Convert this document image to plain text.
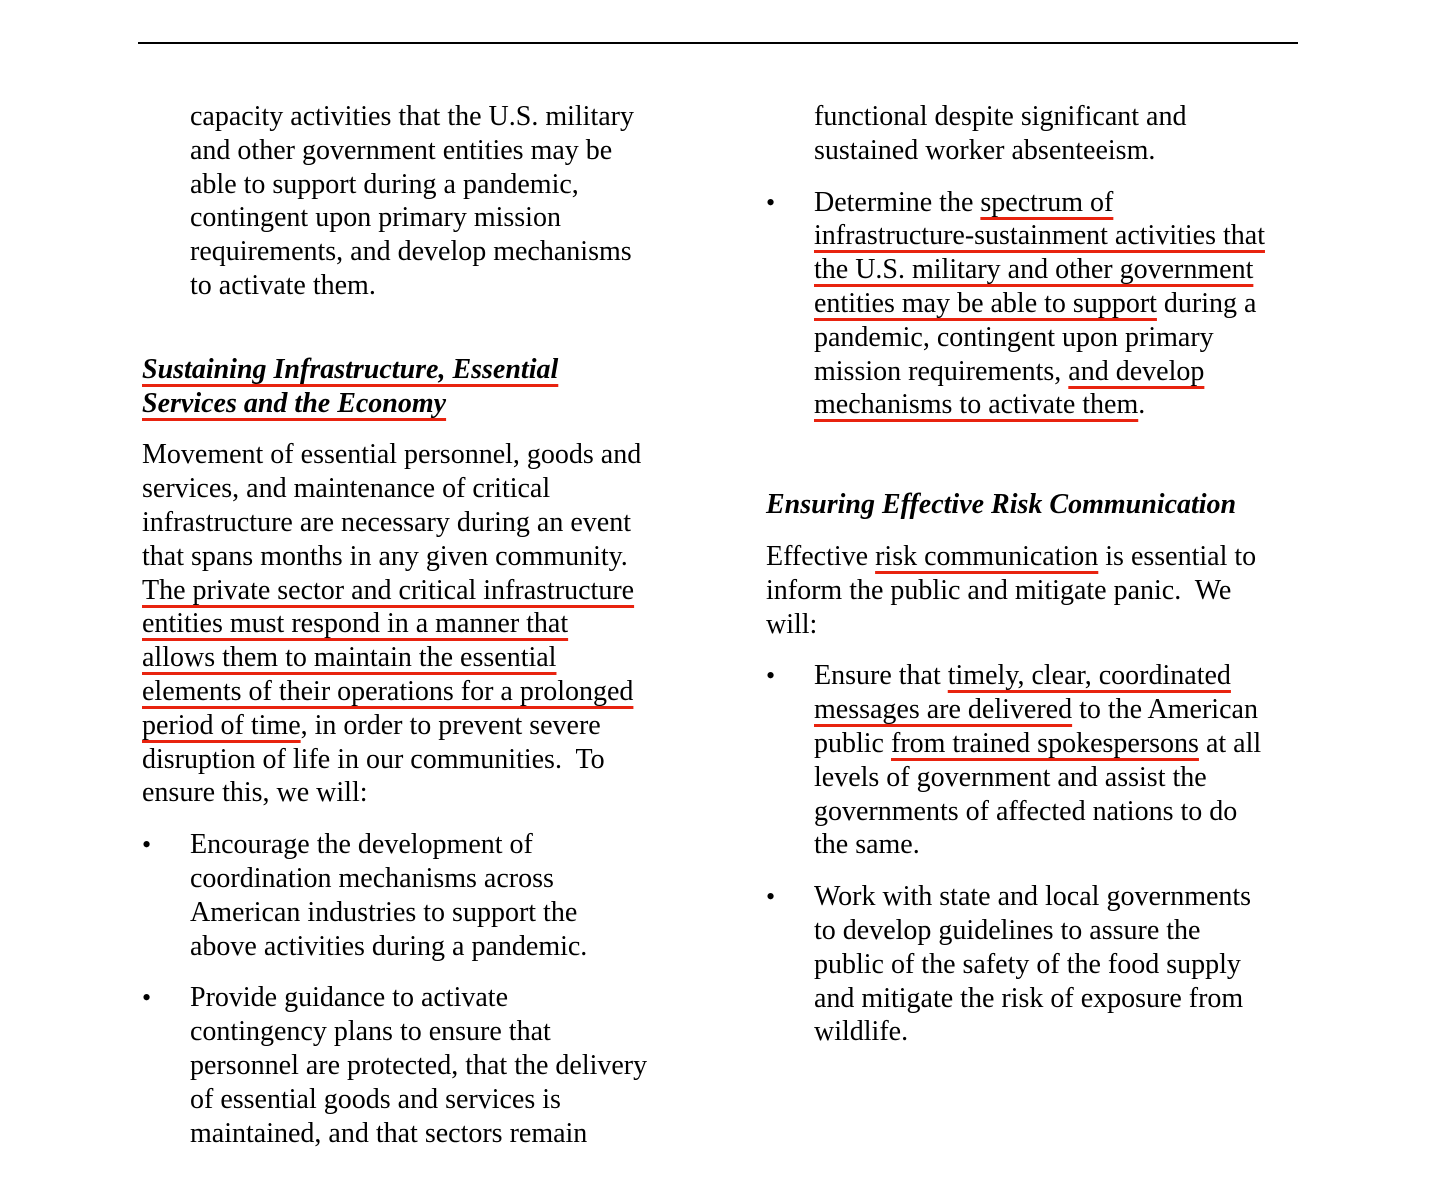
capacity activities that the U.S. military
and other government entities may be
able to support during a pandemic,
contingent upon primary mission
requirements, and develop mechanisms
to activate them.
Sustaining Infrastructure, Essential
Services and the Economy
Movement of essential personnel, goods and
services, and maintenance of critical
infrastructure are necessary during an event
that spans months in any given community.
The private sector and critical infrastructure
entities must respond in a manner that
allows them to maintain the essential
elements of their operations for a prolonged
period of time, in order to prevent severe
disruption of life in our communities.  To
ensure this, we will:
•	Encourage the development of
coordination mechanisms across
American industries to support the
above activities during a pandemic.
•	Provide guidance to activate
contingency plans to ensure that
personnel are protected, that the delivery
of essential goods and services is
maintained, and that sectors remain
functional despite significant and
sustained worker absenteeism.
•	Determine the spectrum of
infrastructure-sustainment activities that
the U.S. military and other government
entities may be able to support during a
pandemic, contingent upon primary
mission requirements, and develop
mechanisms to activate them.
Ensuring Effective Risk Communication
Effective risk communication is essential to
inform the public and mitigate panic.  We
will:
•	Ensure that timely, clear, coordinated
messages are delivered to the American
public from trained spokespersons at all
levels of government and assist the
governments of affected nations to do
the same.
•	Work with state and local governments
to develop guidelines to assure the
public of the safety of the food supply
and mitigate the risk of exposure from
wildlife.
